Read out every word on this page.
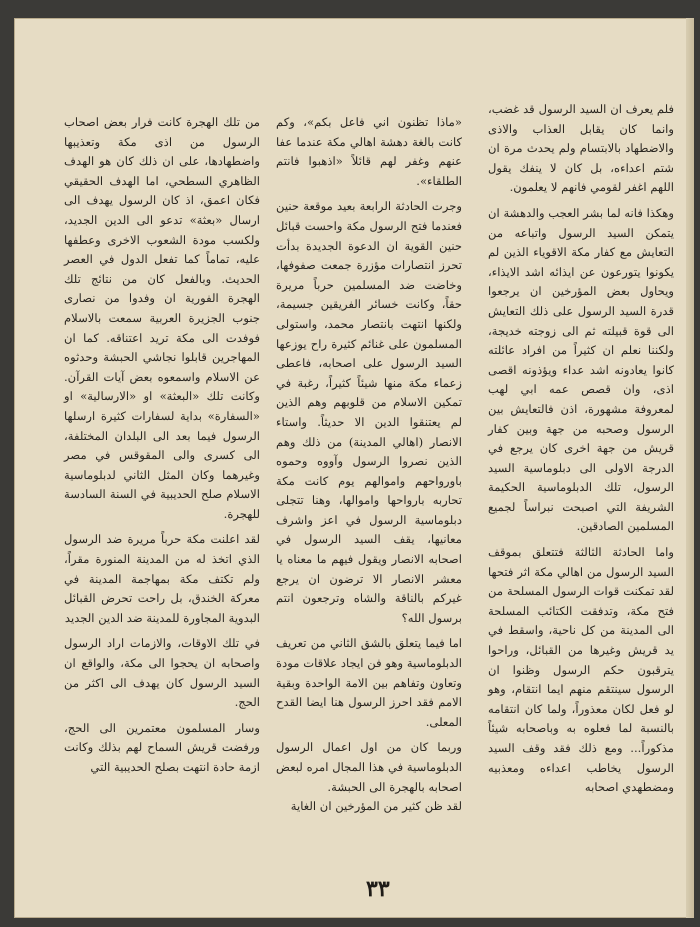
فلم يعرف ان السيد الرسول قد غضب، وانما كان يقابل العذاب والاذى والاضطهاد بالابتسام ولم يحدث مرة ان شتم اعداءه، بل كان لا ينفك يقول اللهم اغفر لقومي فانهم لا يعلمون.

وهكذا فانه لما بشر العجب والدهشة ان يتمكن السيد الرسول واتباعه من التعايش مع كفار مكة الاقوياء الذين لم يكونوا يتورعون عن ايذائه اشد الايذاء، ويحاول بعض المؤرخين ان يرجعوا قدرة السيد الرسول على ذلك التعايش الى قوة قبيلته ثم الى زوجته خديجة، ولكننا نعلم ان كثيراً من افراد عائلته كانوا يعادونه اشد عداء ويؤذونه اقصى اذى، وان قصص عمه ابي لهب لمعروفة مشهورة، اذن فالتعايش بين الرسول وصحبه من جهة وبين كفار قريش من جهة اخرى كان يرجع في الدرجة الاولى الى دبلوماسية السيد الرسول، تلك الدبلوماسية الحكيمة الشريفة التي اصبحت نبراساً لجميع المسلمين الصادقين.

واما الحادثة الثالثة فتتعلق بموقف السيد الرسول من اهالي مكة اثر فتحها لقد تمكنت قوات الرسول المسلحة من فتح مكة، وتدفقت الكتائب المسلحة الى المدينة من كل ناحية، واسقط في يد قريش وغيرها من القبائل، وراحوا يترقبون حكم الرسول وظنوا ان الرسول سينتقم منهم ايما انتقام، وهو لو فعل لكان معذوراً، ولما كان انتقامه بالنسبة لما فعلوه به وباصحابه شيئاً مذكوراً... ومع ذلك فقد وقف السيد الرسول يخاطب اعداءه ومعذبيه ومضطهدي اصحابه

«ماذا تظنون اني فاعل بكم»، وكم كانت بالغة دهشة اهالي مكة عندما عفا عنهم وغفر لهم قائلاً «اذهبوا فانتم الطلقاء».

وجرت الحادثة الرابعة بعيد موقعة حنين فعندما فتح الرسول مكة واحست قبائل حنين القوية ان الدعوة الجديدة بدأت تحرز انتصارات مؤزرة جمعت صفوفها، وخاضت ضد المسلمين حرباً مريرة حقاً، وكانت خسائر الفريقين جسيمة، ولكنها انتهت بانتصار محمد، واستولى المسلمون على غنائم كثيرة راح يوزعها السيد الرسول على اصحابه، فاعطى زعماء مكة منها شيئاً كثيراً، رغبة في تمكين الاسلام من قلوبهم وهم الذين لم يعتنقوا الدين الا حديثاً. واستاء الانصار (اهالي المدينة) من ذلك وهم الذين نصروا الرسول وآووه وحموه باورواحهم واموالهم يوم كانت مكة تحاربه بارواحها واموالها، وهنا تتجلى دبلوماسية الرسول في اعز واشرف معانيها، يقف السيد الرسول في اصحابه الانصار ويقول فيهم ما معناه يا معشر الانصار الا ترضون ان يرجع غيركم بالناقة والشاه وترجعون انتم برسول الله؟

اما فيما يتعلق بالشق الثاني من تعريف الدبلوماسية وهو فن ايجاد علاقات مودة وتعاون وتفاهم بين الامة الواحدة وبقية الامم فقد احرز الرسول هنا ايضا القدح المعلى.

وربما كان من اول اعمال الرسول الدبلوماسية في هذا المجال امره لبعض اصحابه بالهجرة الى الحبشة.

لقد ظن كثير من المؤرخين ان الغاية

من تلك الهجرة كانت فرار بعض اصحاب الرسول من اذى مكة وتعذيبها واضطهادها، على ان ذلك كان هو الهدف الظاهري السطحي، اما الهدف الحقيقي فكان اعمق، اذ كان الرسول يهدف الى ارسال «بعثة» تدعو الى الدين الجديد، ولكسب مودة الشعوب الاخرى وعطفها عليه، تماماً كما تفعل الدول في العصر الحديث. وبالفعل كان من نتائج تلك الهجرة الفورية ان وفدوا من نصارى جنوب الجزيرة العربية سمعت بالاسلام فوفدت الى مكة تريد اعتناقه. كما ان المهاجرين قابلوا نجاشي الحبشة وحدثوه عن الاسلام واسمعوه بعض آيات القرآن. وكانت تلك «البعثة» او «الارسالية» او «السفارة» بداية لسفارات كثيرة ارسلها الرسول فيما بعد الى البلدان المختلفة، الى كسرى والى المقوقس في مصر وغيرهما وكان المثل الثاني لدبلوماسية الاسلام صلح الحديبية في السنة السادسة للهجرة.

لقد اعلنت مكة حرباً مريرة ضد الرسول الذي اتخذ له من المدينة المنورة مقراً، ولم تكتف مكة بمهاجمة المدينة في معركة الخندق، بل راحت تحرض القبائل البدوية المجاورة للمدينة ضد الدين الجديد

في تلك الاوقات، والازمات اراد الرسول واصحابه ان يحجوا الى مكة، والواقع ان السيد الرسول كان يهدف الى اكثر من الحج.

وسار المسلمون معتمرين الى الحج، ورفضت قريش السماح لهم بذلك وكانت ازمة حادة انتهت بصلح الحديبية التي

٣٣
